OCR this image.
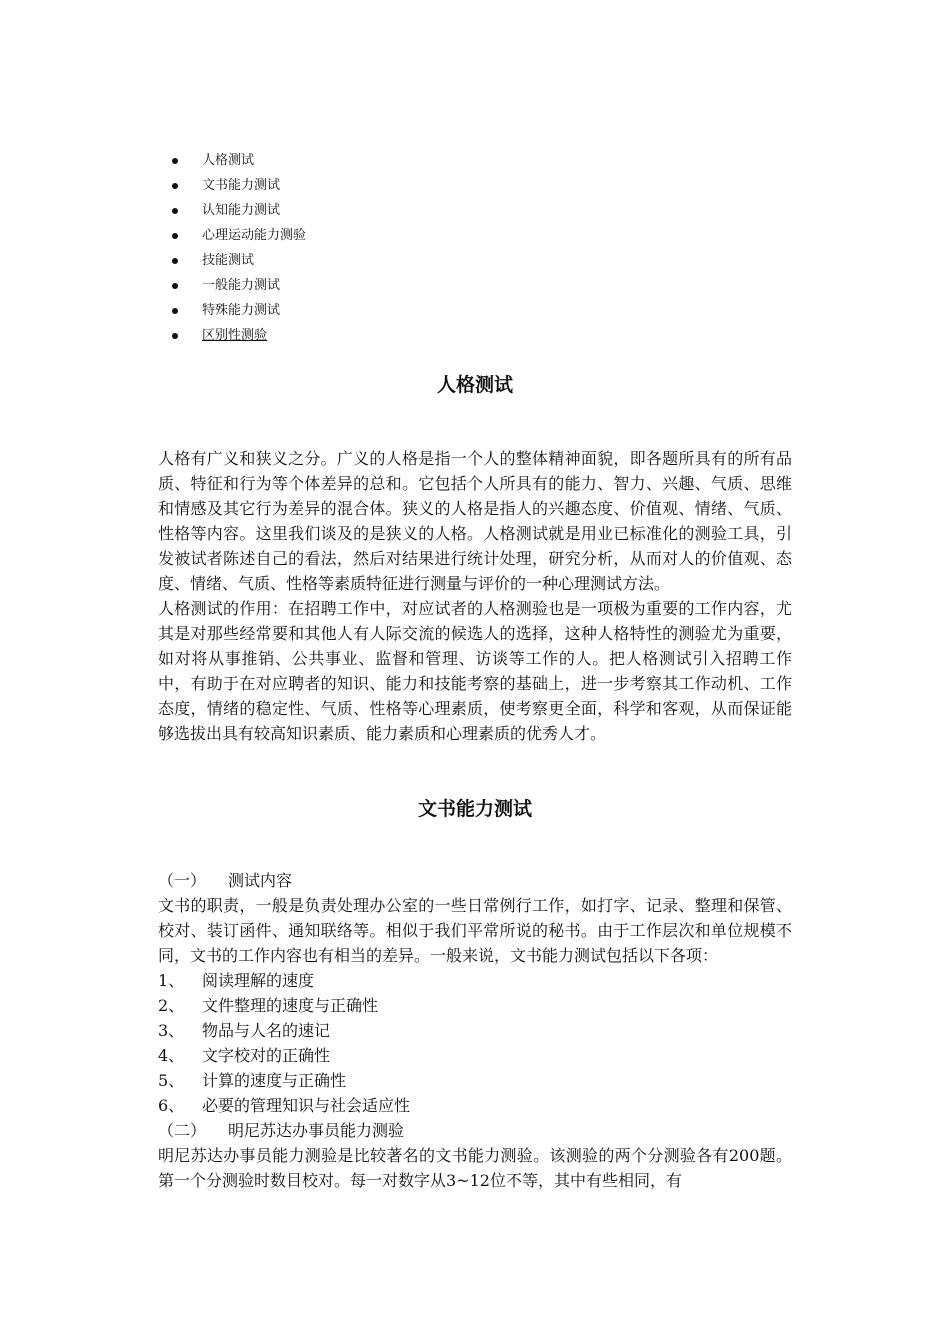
人格测试
文书能力测试
认知能力测试
心理运动能力测验
技能测试
一般能力测试
特殊能力测试
区别性测验
人格测试

人格有广义和狭义之分。广义的人格是指一个人的整体精神面貌，即各题所具有的所有品质、特征和行为等个体差异的总和。它包括个人所具有的能力、智力、兴趣、气质、思维和情感及其它行为差异的混合体。狭义的人格是指人的兴趣态度、价值观、情绪、气质、性格等内容。这里我们谈及的是狭义的人格。人格测试就是用业已标准化的测验工具，引发被试者陈述自己的看法，然后对结果进行统计处理，研究分析，从而对人的价值观、态度、情绪、气质、性格等素质特征进行测量与评价的一种心理测试方法。

人格测试的作用：在招聘工作中，对应试者的人格测验也是一项极为重要的工作内容，尤其是对那些经常要和其他人有人际交流的候选人的选择，这种人格特性的测验尤为重要，如对将从事推销、公共事业、监督和管理、访谈等工作的人。把人格测试引入招聘工作中，有助于在对应聘者的知识、能力和技能考察的基础上，进一步考察其工作动机、工作态度，情绪的稳定性、气质、性格等心理素质，使考察更全面，科学和客观，从而保证能够选拔出具有较高知识素质、能力素质和心理素质的优秀人才。

文书能力测试
（一） 测试内容

文书的职责，一般是负责处理办公室的一些日常例行工作，如打字、记录、整理和保管、校对、装订函件、通知联络等。相似于我们平常所说的秘书。由于工作层次和单位规模不同，文书的工作内容也有相当的差异。一般来说，文书能力测试包括以下各项：

1、 阅读理解的速度
2、 文件整理的速度与正确性
3、 物品与人名的速记
4、 文字校对的正确性
5、 计算的速度与正确性
6、 必要的管理知识与社会适应性
（二） 明尼苏达办事员能力测验

明尼苏达办事员能力测验是比较著名的文书能力测验。该测验的两个分测验各有200题。第一个分测验时数目校对。每一对数字从3~12位不等，其中有些相同，有
